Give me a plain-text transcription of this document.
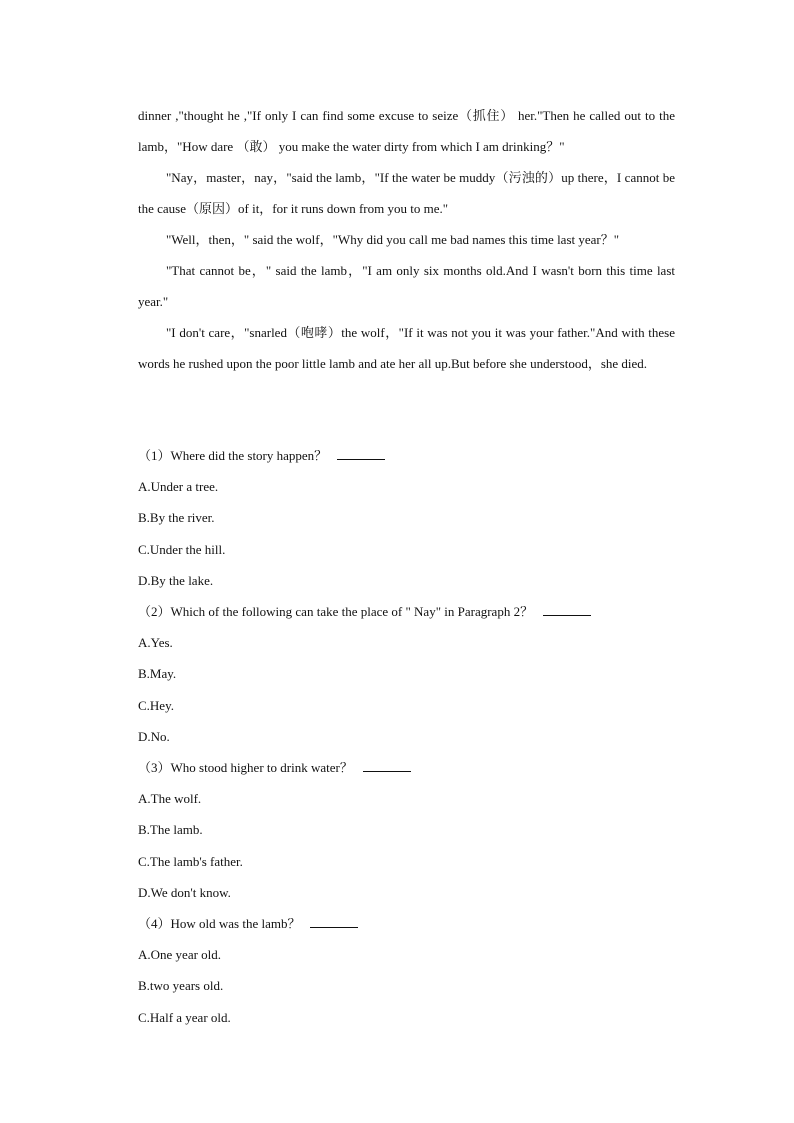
dinner ,"thought he ,"If only I can find some excuse to seize（抓住） her."Then he called out to the lamb，"How dare （敢） you make the water dirty from which I am drinking？"

"Nay，master，nay，"said the lamb，"If the water be muddy（污浊的）up there，I cannot be the cause（原因）of it，for it runs down from you to me."

"Well，then，" said the wolf，"Why did you call me bad names this time last year？"

"That cannot be，" said the lamb，"I am only six months old.And I wasn't born this time last year."

"I don't care，"snarled（咆哮）the wolf，"If it was not you it was your father."And with these words he rushed upon the poor little lamb and ate her all up.But before she understood，she died.

（1）Where did the story happen？

A.Under a tree.

B.By the river.

C.Under the hill.

D.By the lake.

（2）Which of the following can take the place of " Nay" in Paragraph 2？

A.Yes.

B.May.

C.Hey.

D.No.

（3）Who stood higher to drink water？

A.The wolf.

B.The lamb.

C.The lamb's father.

D.We don't know.

（4）How old was the lamb？

A.One year old.

B.two years old.

C.Half a year old.
